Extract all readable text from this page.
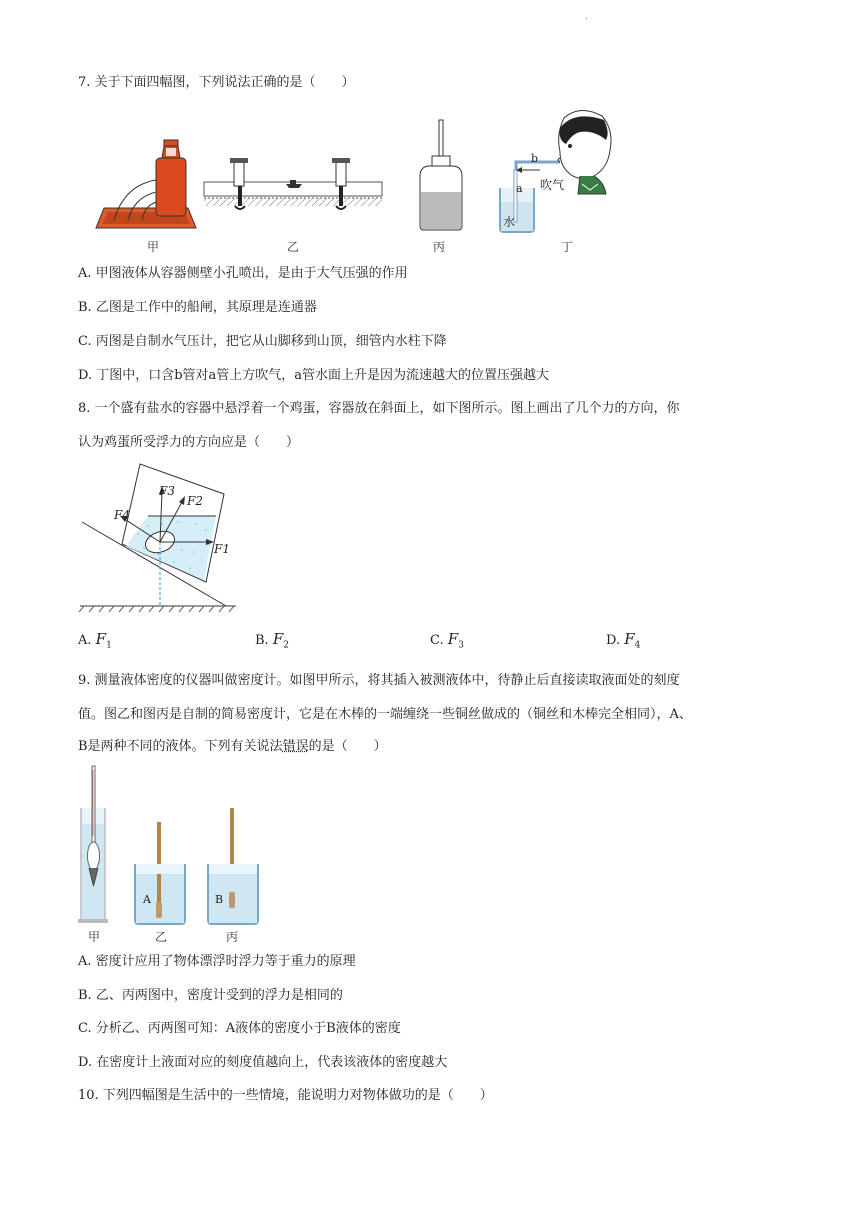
·
7. 关于下面四幅图，下列说法正确的是（　　）
甲	乙	丙
b
a 吹气
水
丁
A. 甲图液体从容器侧壁小孔喷出，是由于大气压强的作用
B. 乙图是工作中的船闸，其原理是连通器
C. 丙图是自制水气压计，把它从山脚移到山顶，细管内水柱下降
D. 丁图中，口含b管对a管上方吹气，a管水面上升是因为流速越大的位置压强越大
8. 一个盛有盐水的容器中悬浮着一个鸡蛋，容器放在斜面上，如下图所示。图上画出了几个力的方向，你
认为鸡蛋所受浮力的方向应是（　　）
F3
F2
F4
F1
A. $F_1$	B. $F_2$	C. $F_3$	D. $F_4$
9. 测量液体密度的仪器叫做密度计。如图甲所示，将其插入被测液体中，待静止后直接读取液面处的刻度
值。图乙和图丙是自制的简易密度计，它是在木棒的一端缠绕一些铜丝做成的（铜丝和木棒完全相同），A、
B是两种不同的液体。下列有关说法错误的是（　　）
甲
A
乙
B
丙
A. 密度计应用了物体漂浮时浮力等于重力的原理
B. 乙、丙两图中，密度计受到的浮力是相同的
C. 分析乙、丙两图可知：A液体的密度小于B液体的密度
D. 在密度计上液面对应的刻度值越向上，代表该液体的密度越大
10. 下列四幅图是生活中的一些情境，能说明力对物体做功的是（　　）
